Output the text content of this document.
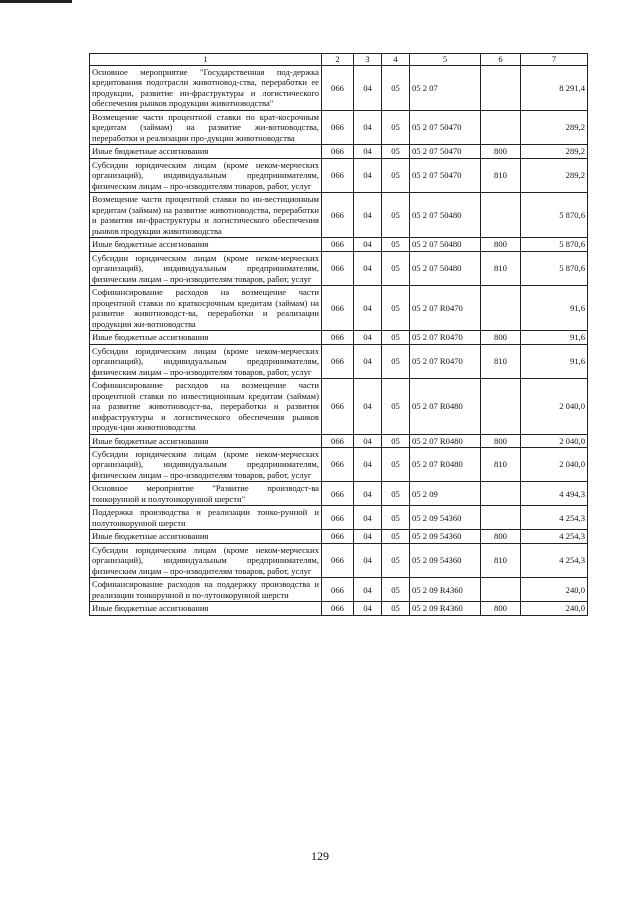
1	2	3	4	5	6	7
Основное мероприятие "Государственная под-держка кредитования подотрасли животновод-ства, переработки ее продукции, развитие ин-фраструктуры и логистического обеспечения рынков продукции животноводства"	066	04	05	05 2 07		8 291,4
Возмещение части процентной ставки по крат-косрочным кредитам (займам) на развитие жи-вотноводства, переработки и реализации про-дукции животноводства	066	04	05	05 2 07 50470		289,2
Иные бюджетные ассигнования	066	04	05	05 2 07 50470	800	289,2
Субсидии юридическим лицам (кроме неком-мерческих организаций), индивидуальным предпринимателям, физическим лицам – про-изводителям товаров, работ, услуг	066	04	05	05 2 07 50470	810	289,2
Возмещение части процентной ставки по ин-вестиционным кредитам (займам) на развитие животноводства, переработки и развития ин-фраструктуры и логистического обеспечения рынков продукции животноводства	066	04	05	05 2 07 50480		5 870,6
Иные бюджетные ассигнования	066	04	05	05 2 07 50480	800	5 870,6
Субсидии юридическим лицам (кроме неком-мерческих организаций), индивидуальным предпринимателям, физическим лицам – про-изводителям товаров, работ, услуг	066	04	05	05 2 07 50480	810	5 870,6
Софинансирование расходов на возмещение части процентной ставки по краткосрочным кредитам (займам) на развитие животноводст-ва, переработки и реализации продукции жи-вотноводства	066	04	05	05 2 07 R0470		91,6
Иные бюджетные ассигнования	066	04	05	05 2 07 R0470	800	91,6
Субсидии юридическим лицам (кроме неком-мерческих организаций), индивидуальным предпринимателям, физическим лицам – про-изводителям товаров, работ, услуг	066	04	05	05 2 07 R0470	810	91,6
Софинансирование расходов на возмещение части процентной ставки по инвестиционным кредитам (займам) на развитие животноводст-ва, переработки и развития инфраструктуры и логистического обеспечения рынков продук-ции животноводства	066	04	05	05 2 07 R0480		2 040,0
Иные бюджетные ассигнования	066	04	05	05 2 07 R0480	800	2 040,0
Субсидии юридическим лицам (кроме неком-мерческих организаций), индивидуальным предпринимателям, физическим лицам – про-изводителям товаров, работ, услуг	066	04	05	05 2 07 R0480	810	2 040,0
Основное мероприятие "Развитие производст-ва тонкорунной и полутонкорунной шерсти"	066	04	05	05 2 09		4 494,3
Поддержка производства и реализации тонко-рунной и полутонкорунной шерсти	066	04	05	05 2 09 54360		4 254,3
Иные бюджетные ассигнования	066	04	05	05 2 09 54360	800	4 254,3
Субсидии юридическим лицам (кроме неком-мерческих организаций), индивидуальным предпринимателям, физическим лицам – про-изводителям товаров, работ, услуг	066	04	05	05 2 09 54360	810	4 254,3
Софинансирование расходов на поддержку производства и реализации тонкорунной и по-лутонкорунной шерсти	066	04	05	05 2 09 R4360		240,0
Иные бюджетные ассигнования	066	04	05	05 2 09 R4360	800	240,0
129
